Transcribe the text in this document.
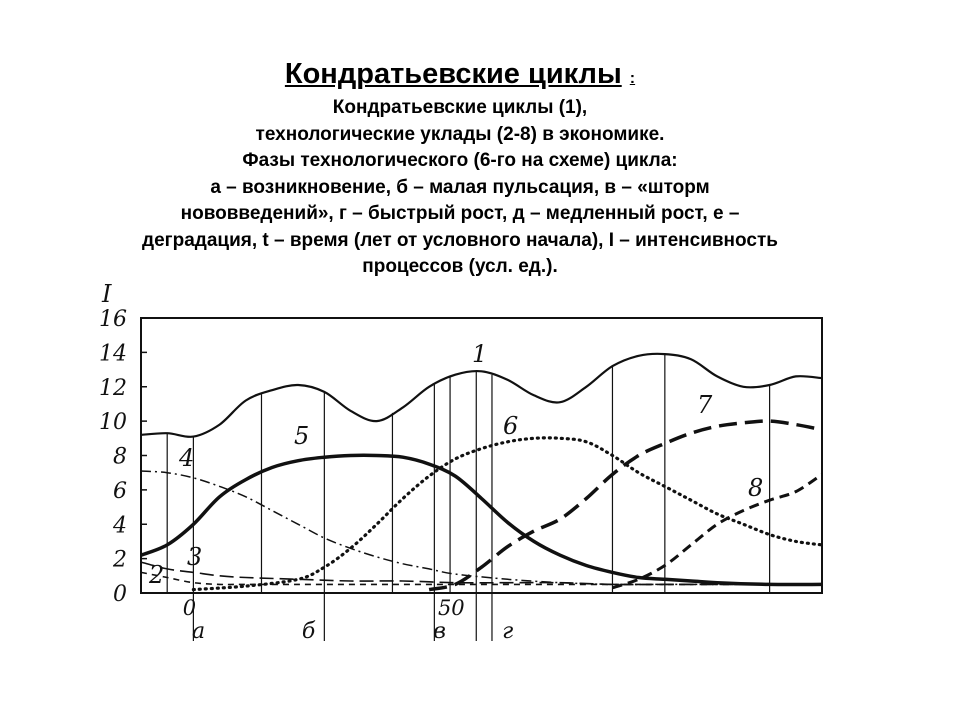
Кондратьевские циклы :
Кондратьевские циклы (1),
технологические уклады (2-8) в экономике.
Фазы технологического (6-го на схеме) цикла:
а – возникновение, б – малая пульсация, в – «шторм
нововведений», г – быстрый рост, д – медленный рост, е –
деградация, t – время (лет от условного начала), I – интенсивность
процессов (усл. ед.).
0
2
4
6
8
10
12
14
16
I
0	50
а	б	в	г
1
2
3
4
5	6
7
8
